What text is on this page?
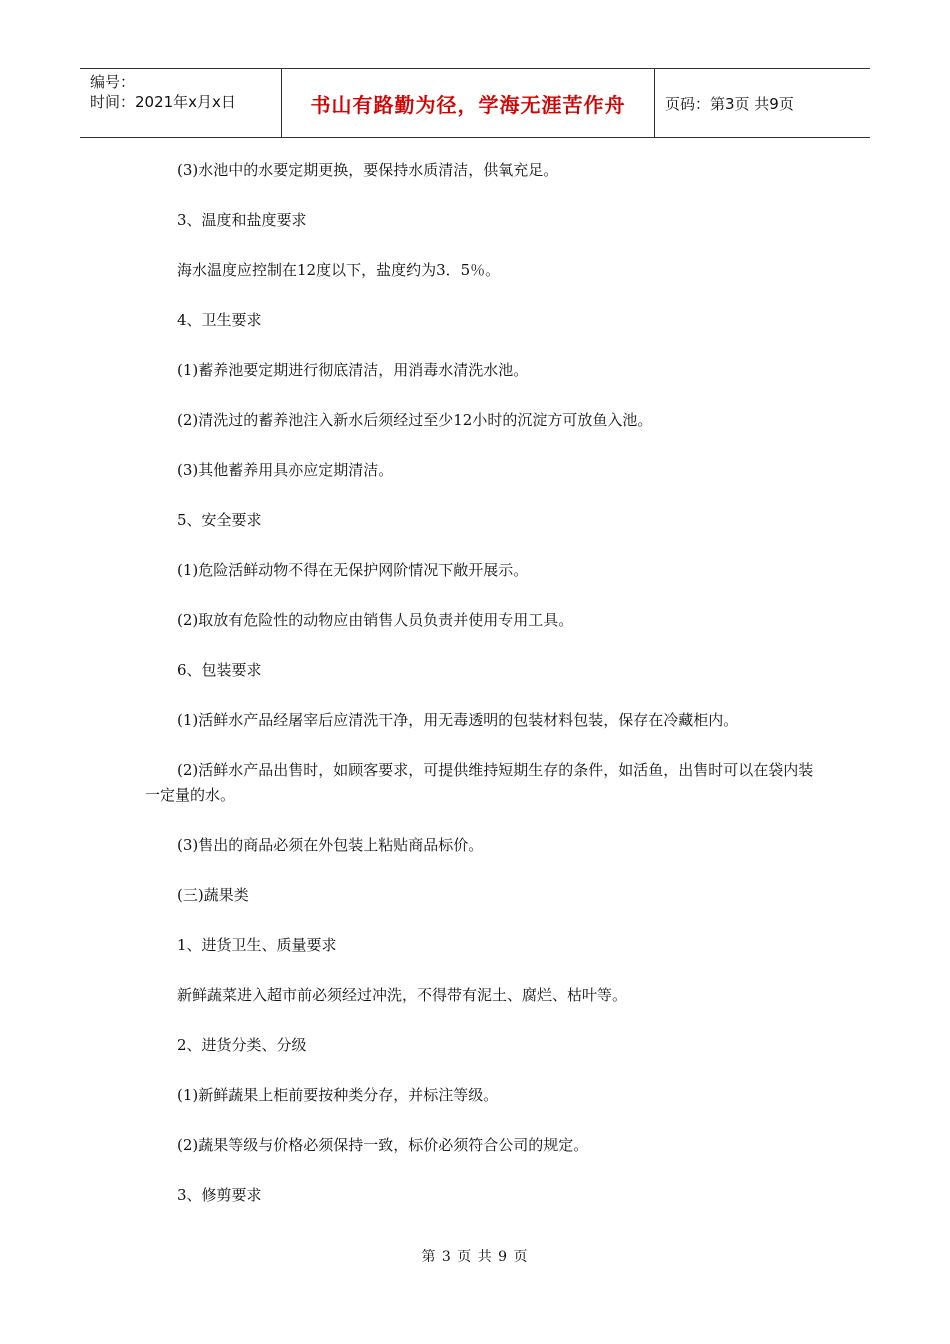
编号：
时间：2021年x月x日	书山有路勤为径，学海无涯苦作舟	页码：第3页 共9页

(3)水池中的水要定期更换，要保持水质清洁，供氧充足。

3、温度和盐度要求

海水温度应控制在12度以下，盐度约为3．5％。

4、卫生要求

(1)蓄养池要定期进行彻底清洁，用消毒水清洗水池。

(2)清洗过的蓄养池注入新水后须经过至少12小时的沉淀方可放鱼入池。

(3)其他蓄养用具亦应定期清洁。

5、安全要求

(1)危险活鲜动物不得在无保护网阶情况下敞开展示。

(2)取放有危险性的动物应由销售人员负责并使用专用工具。

6、包装要求

(1)活鲜水产品经屠宰后应清洗干净，用无毒透明的包装材料包装，保存在冷藏柜内。

(2)活鲜水产品出售时，如顾客要求，可提供维持短期生存的条件，如活鱼，出售时可以在袋内装一定量的水。

(3)售出的商品必须在外包装上粘贴商品标价。

(三)蔬果类

1、进货卫生、质量要求

新鲜蔬菜进入超市前必须经过冲洗，不得带有泥土、腐烂、枯叶等。

2、进货分类、分级

(1)新鲜蔬果上柜前要按种类分存，并标注等级。

(2)蔬果等级与价格必须保持一致，标价必须符合公司的规定。

3、修剪要求

第 3 页 共 9 页
